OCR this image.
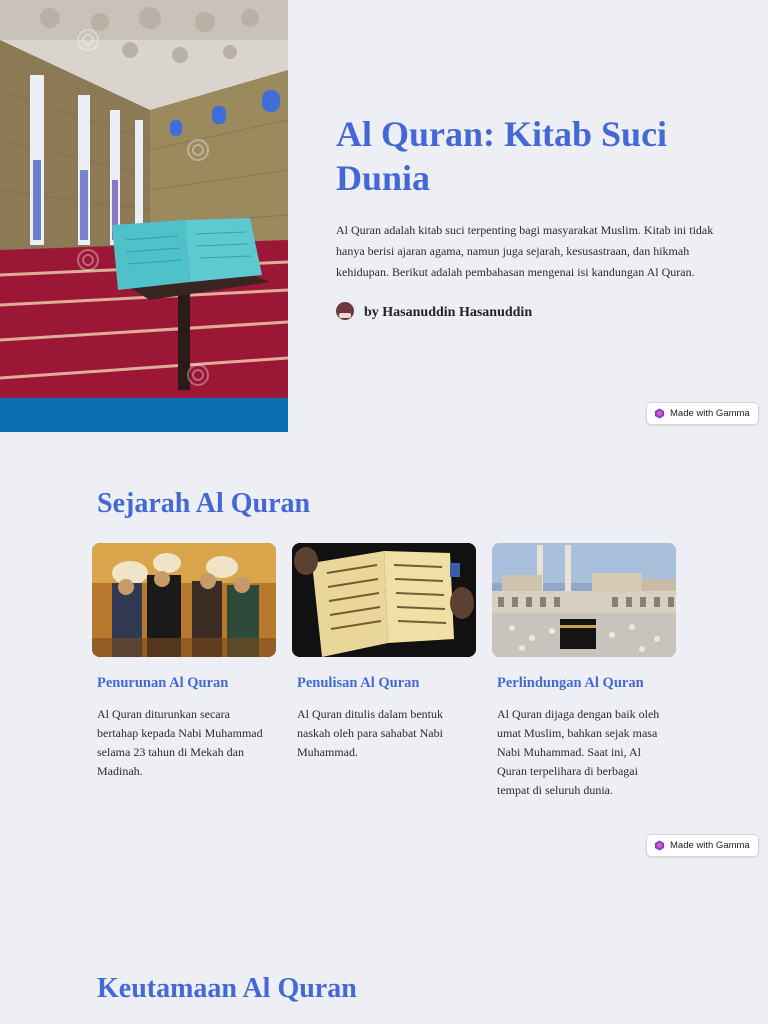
Al Quran: Kitab Suci Dunia

Al Quran adalah kitab suci terpenting bagi masyarakat Muslim. Kitab ini tidak hanya berisi ajaran agama, namun juga sejarah, kesusastraan, dan hikmah kehidupan. Berikut adalah pembahasan mengenai isi kandungan Al Quran.

by Hasanuddin Hasanuddin
Made with Gamma
Sejarah Al Quran
Penurunan Al Quran
Al Quran diturunkan secara bertahap kepada Nabi Muhammad selama 23 tahun di Mekah dan Madinah.
Penulisan Al Quran
Al Quran ditulis dalam bentuk naskah oleh para sahabat Nabi Muhammad.
Perlindungan Al Quran
Al Quran dijaga dengan baik oleh umat Muslim, bahkan sejak masa Nabi Muhammad. Saat ini, Al Quran terpelihara di berbagai tempat di seluruh dunia.
Made with Gamma
Keutamaan Al Quran
